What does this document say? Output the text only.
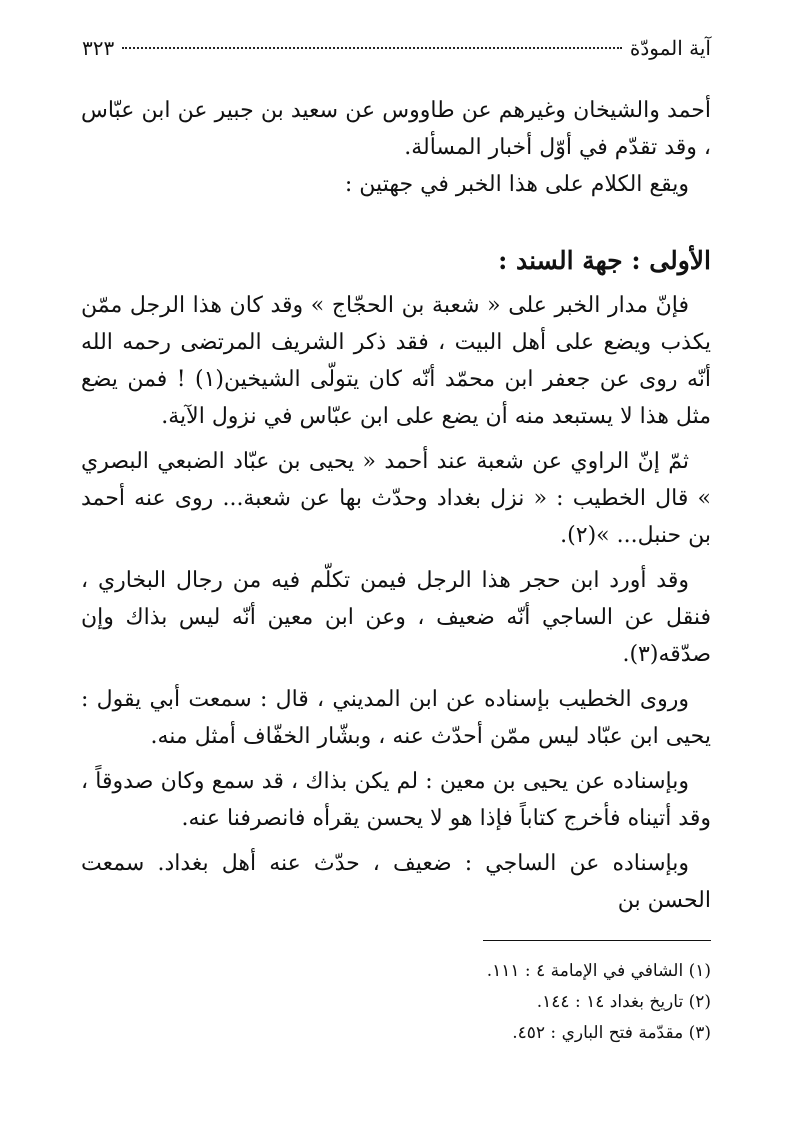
آية المودّة
٣٢٣

أحمد والشيخان وغيرهم عن طاووس عن سعيد بن جبير عن ابن عبّاس ، وقد تقدّم في أوّل أخبار المسألة.

ويقع الكلام على هذا الخبر في جهتين :

الأولى : جهة السند :

فإنّ مدار الخبر على « شعبة بن الحجّاج » وقد كان هذا الرجل ممّن يكذب ويضع على أهل البيت ، فقد ذكر الشريف المرتضى رحمه الله أنّه روى عن جعفر ابن محمّد أنّه كان يتولّى الشيخين(١) ! فمن يضع مثل هذا لا يستبعد منه أن يضع على ابن عبّاس في نزول الآية.

ثمّ إنّ الراوي عن شعبة عند أحمد « يحيى بن عبّاد الضبعي البصري » قال الخطيب : « نزل بغداد وحدّث بها عن شعبة... روى عنه أحمد بن حنبل... »(٢).

وقد أورد ابن حجر هذا الرجل فيمن تكلّم فيه من رجال البخاري ، فنقل عن الساجي أنّه ضعيف ، وعن ابن معين أنّه ليس بذاك وإن صدّقه(٣).

وروى الخطيب بإسناده عن ابن المديني ، قال : سمعت أبي يقول : يحيى ابن عبّاد ليس ممّن أحدّث عنه ، وبشّار الخفّاف أمثل منه.

وبإسناده عن يحيى بن معين : لم يكن بذاك ، قد سمع وكان صدوقاً ، وقد أتيناه فأخرج كتاباً فإذا هو لا يحسن يقرأه فانصرفنا عنه.

وبإسناده عن الساجي : ضعيف ، حدّث عنه أهل بغداد. سمعت الحسن بن

(١) الشافي في الإمامة ٤ : ١١١.
(٢) تاريخ بغداد ١٤ : ١٤٤.
(٣) مقدّمة فتح الباري : ٤٥٢.
